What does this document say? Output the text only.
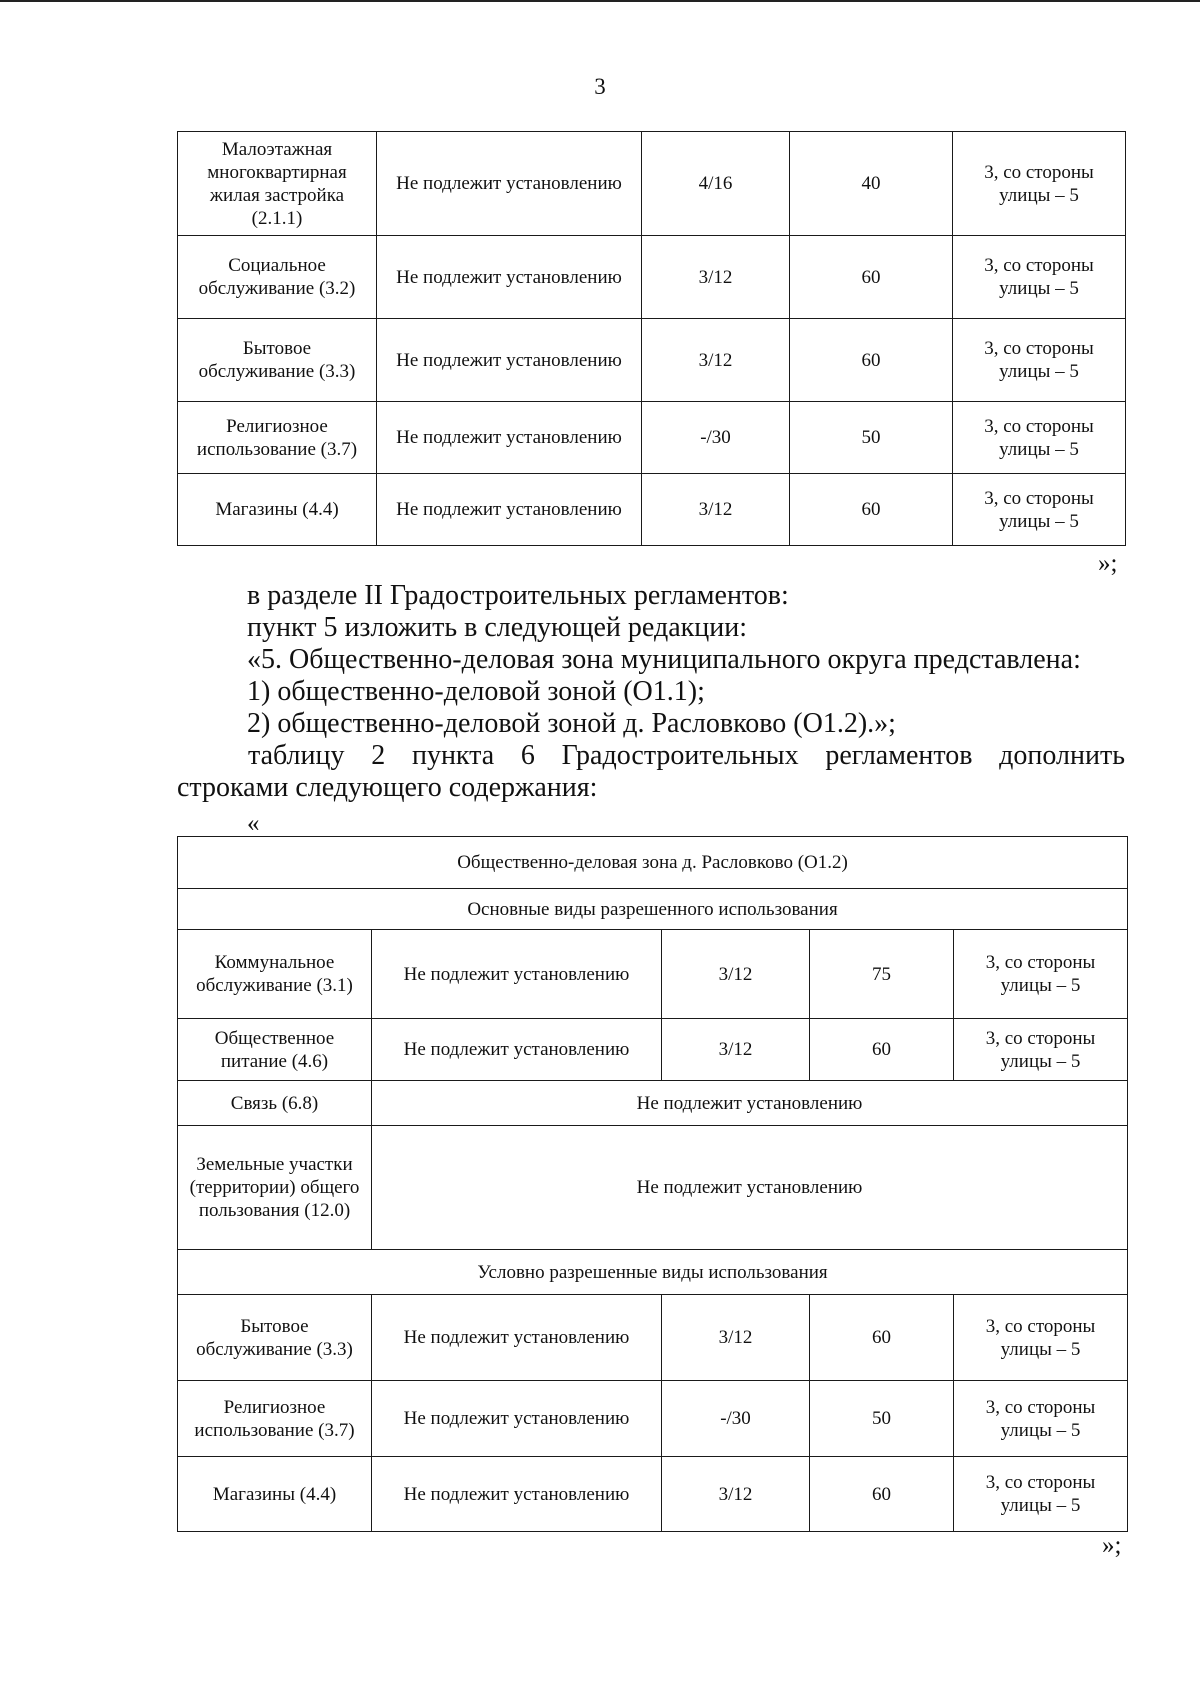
3
Малоэтажная многоквартирная жилая застройка (2.1.1)	Не подлежит установлению	4/16	40	3, со стороны улицы – 5
Социальное обслуживание (3.2)	Не подлежит установлению	3/12	60	3, со стороны улицы – 5
Бытовое обслуживание (3.3)	Не подлежит установлению	3/12	60	3, со стороны улицы – 5
Религиозное использование (3.7)	Не подлежит установлению	-/30	50	3, со стороны улицы – 5
Магазины (4.4)	Не подлежит установлению	3/12	60	3, со стороны улицы – 5
»;
в разделе II Градостроительных регламентов:
пункт 5 изложить в следующей редакции:
«5. Общественно-деловая зона муниципального округа представлена:
1) общественно-деловой зоной (О1.1);
2) общественно-деловой зоной д. Расловково (О1.2).»;
таблицу 2 пункта 6 Градостроительных регламентов дополнить
строками следующего содержания:
«
Общественно-деловая зона д. Расловково (О1.2)				
Основные виды разрешенного использования				
Коммунальное обслуживание (3.1)	Не подлежит установлению	3/12	75	3, со стороны улицы – 5
Общественное питание (4.6)	Не подлежит установлению	3/12	60	3, со стороны улицы – 5
Связь (6.8)	Не подлежит установлению			
Земельные участки (территории) общего пользования (12.0)	Не подлежит установлению			
Условно разрешенные виды использования				
Бытовое обслуживание (3.3)	Не подлежит установлению	3/12	60	3, со стороны улицы – 5
Религиозное использование (3.7)	Не подлежит установлению	-/30	50	3, со стороны улицы – 5
Магазины (4.4)	Не подлежит установлению	3/12	60	3, со стороны улицы – 5
»;
